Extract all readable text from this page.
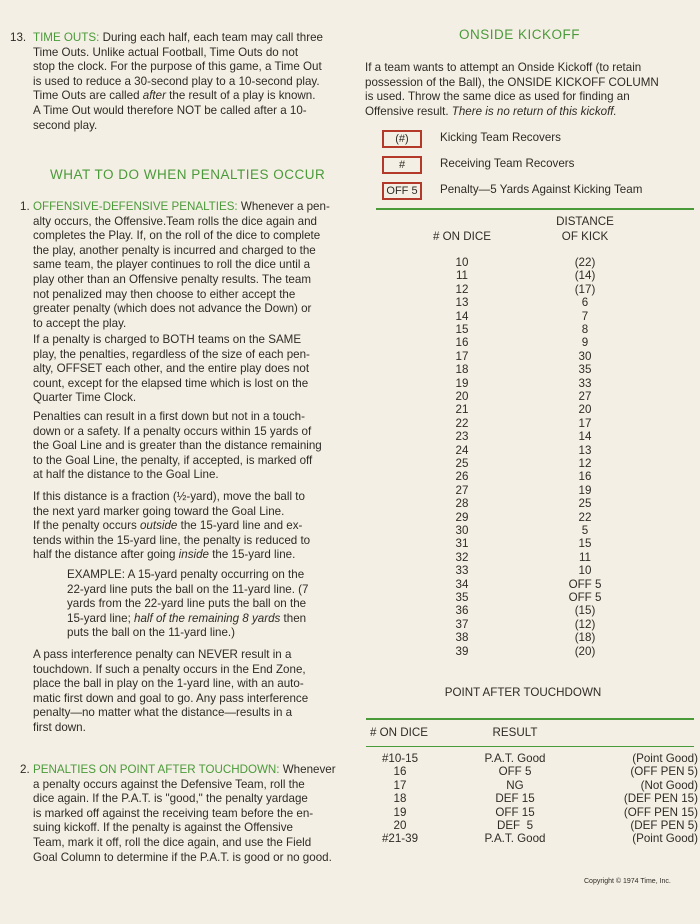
13. TIME OUTS: During each half, each team may call three
Time Outs. Unlike actual Football, Time Outs do not
stop the clock. For the purpose of this game, a Time Out
is used to reduce a 30-second play to a 10-second play.
Time Outs are called after the result of a play is known.
A Time Out would therefore NOT be called after a 10-
second play.
WHAT TO DO WHEN PENALTIES OCCUR
1. OFFENSIVE-DEFENSIVE PENALTIES: Whenever a pen-
alty occurs, the Offensive.Team rolls the dice again and
completes the Play. If, on the roll of the dice to complete
the play, another penalty is incurred and charged to the
same team, the player continues to roll the dice until a
play other than an Offensive penalty results. The team
not penalized may then choose to either accept the
greater penalty (which does not advance the Down) or
to accept the play.
If a penalty is charged to BOTH teams on the SAME
play, the penalties, regardless of the size of each pen-
alty, OFFSET each other, and the entire play does not
count, except for the elapsed time which is lost on the
Quarter Time Clock.
Penalties can result in a first down but not in a touch-
down or a safety. If a penalty occurs within 15 yards of
the Goal Line and is greater than the distance remaining
to the Goal Line, the penalty, if accepted, is marked off
at half the distance to the Goal Line.
If this distance is a fraction (½-yard), move the ball to
the next yard marker going toward the Goal Line.
If the penalty occurs outside the 15-yard line and ex-
tends within the 15-yard line, the penalty is reduced to
half the distance after going inside the 15-yard line.
EXAMPLE: A 15-yard penalty occurring on the
22-yard line puts the ball on the 11-yard line. (7
yards from the 22-yard line puts the ball on the
15-yard line; half of the remaining 8 yards then
puts the ball on the 11-yard line.)
A pass interference penalty can NEVER result in a
touchdown. If such a penalty occurs in the End Zone,
place the ball in play on the 1-yard line, with an auto-
matic first down and goal to go. Any pass interference
penalty—no matter what the distance—results in a
first down.
2. PENALTIES ON POINT AFTER TOUCHDOWN: Whenever
a penalty occurs against the Defensive Team, roll the
dice again. If the P.A.T. is "good," the penalty yardage
is marked off against the receiving team before the en-
suing kickoff. If the penalty is against the Offensive
Team, mark it off, roll the dice again, and use the Field
Goal Column to determine if the P.A.T. is good or no good.
ONSIDE KICKOFF
If a team wants to attempt an Onside Kickoff (to retain
possession of the Ball), the ONSIDE KICKOFF COLUMN
is used. Throw the same dice as used for finding an
Offensive result. There is no return of this kickoff.
(#)	Kicking Team Recovers
#	Receiving Team Recovers
OFF 5 Penalty—5 Yards Against Kicking Team
DISTANCE
# ON DICE	OF KICK
10	(22)
11	(14)
12	(17)
13	6
14	7
15	8
16	9
17	30
18	35
19	33
20	27
21	20
22	17
23	14
24	13
25	12
26	16
27	19
28	25
29	22
30	5
31	15
32	11
33	10
34	OFF 5
35	OFF 5
36	(15)
37	(12)
38	(18)
39	(20)
POINT AFTER TOUCHDOWN
# ON DICE	RESULT
#10-15	P.A.T. Good	(Point Good)
16	OFF 5	(OFF PEN 5)
17	NG	(Not Good)
18	DEF 15	(DEF PEN 15)
19	OFF 15	(OFF PEN 15)
20	DEF  5	(DEF PEN 5)
#21-39	P.A.T. Good	(Point Good)
Copyright © 1974 Time, Inc.
